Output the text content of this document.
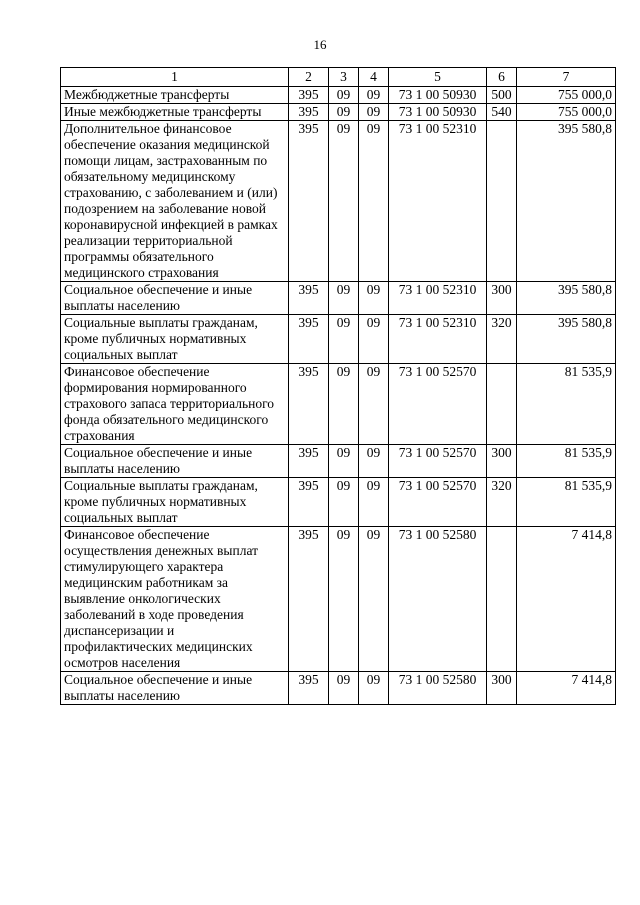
16
1	2	3	4	5	6	7
Межбюджетные трансферты	395	09	09	73 1 00 50930	500	755 000,0
Иные межбюджетные трансферты	395	09	09	73 1 00 50930	540	755 000,0
Дополнительное финансовое обеспечение оказания медицинской помощи лицам, застрахованным по обязательному медицинскому страхованию, с заболеванием и (или) подозрением на заболевание новой коронавирусной инфекцией в рамках реализации территориальной программы обязательного медицинского страхования	395	09	09	73 1 00 52310		395 580,8
Социальное обеспечение и иные выплаты населению	395	09	09	73 1 00 52310	300	395 580,8
Социальные выплаты гражданам, кроме публичных нормативных социальных выплат	395	09	09	73 1 00 52310	320	395 580,8
Финансовое обеспечение формирования нормированного страхового запаса территориального фонда обязательного медицинского страхования	395	09	09	73 1 00 52570		81 535,9
Социальное обеспечение и иные выплаты населению	395	09	09	73 1 00 52570	300	81 535,9
Социальные выплаты гражданам, кроме публичных нормативных социальных выплат	395	09	09	73 1 00 52570	320	81 535,9
Финансовое обеспечение осуществления денежных выплат стимулирующего характера медицинским работникам за выявление онкологических заболеваний в ходе проведения диспансеризации и профилактических медицинских осмотров населения	395	09	09	73 1 00 52580		7 414,8
Социальное обеспечение и иные выплаты населению	395	09	09	73 1 00 52580	300	7 414,8
